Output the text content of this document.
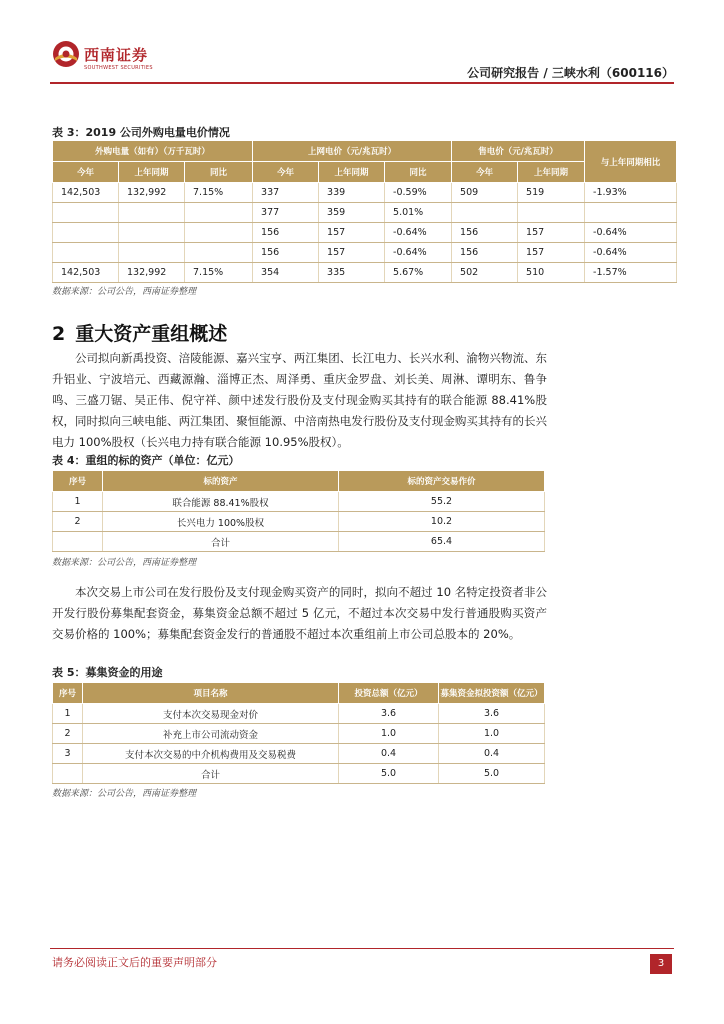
西南证券
SOUTHWEST SECURITIES	公司研究报告 / 三峡水利（600116）
表 3：2019 公司外购电量电价情况
外购电量（如有）（万千瓦时）			上网电价（元/兆瓦时）			售电价（元/兆瓦时）		与上年同期相比
今年	上年同期	同比	今年	上年同期	同比	今年	上年同期	
142,503	132,992	7.15%	337	339	-0.59%	509	519	-1.93%
			377	359	5.01%			
			156	157	-0.64%	156	157	-0.64%
			156	157	-0.64%	156	157	-0.64%
142,503	132,992	7.15%	354	335	5.67%	502	510	-1.57%
数据来源：公司公告，西南证券整理
2 重大资产重组概述

公司拟向新禹投资、涪陵能源、嘉兴宝亨、两江集团、长江电力、长兴水利、渝物兴物流、东升铝业、宁波培元、西藏源瀚、淄博正杰、周泽勇、重庆金罗盘、刘长美、周淋、谭明东、鲁争鸣、三盛刀锯、吴正伟、倪守祥、颜中述发行股份及支付现金购买其持有的联合能源 88.41%股权，同时拟向三峡电能、两江集团、聚恒能源、中涪南热电发行股份及支付现金购买其持有的长兴电力 100%股权（长兴电力持有联合能源 10.95%股权）。

表 4：重组的标的资产（单位：亿元）
序号	标的资产	标的资产交易作价
1	联合能源 88.41%股权	55.2
2	长兴电力 100%股权	10.2
	合计	65.4
数据来源：公司公告，西南证券整理

本次交易上市公司在发行股份及支付现金购买资产的同时，拟向不超过 10 名特定投资者非公开发行股份募集配套资金，募集资金总额不超过 5 亿元，不超过本次交易中发行普通股购买资产交易价格的 100%；募集配套资金发行的普通股不超过本次重组前上市公司总股本的 20%。

表 5：募集资金的用途
序号	项目名称	投资总额（亿元）	募集资金拟投资额（亿元）
1	支付本次交易现金对价	3.6	3.6
2	补充上市公司流动资金	1.0	1.0
3	支付本次交易的中介机构费用及交易税费	0.4	0.4
	合计	5.0	5.0
数据来源：公司公告，西南证券整理
请务必阅读正文后的重要声明部分	3
